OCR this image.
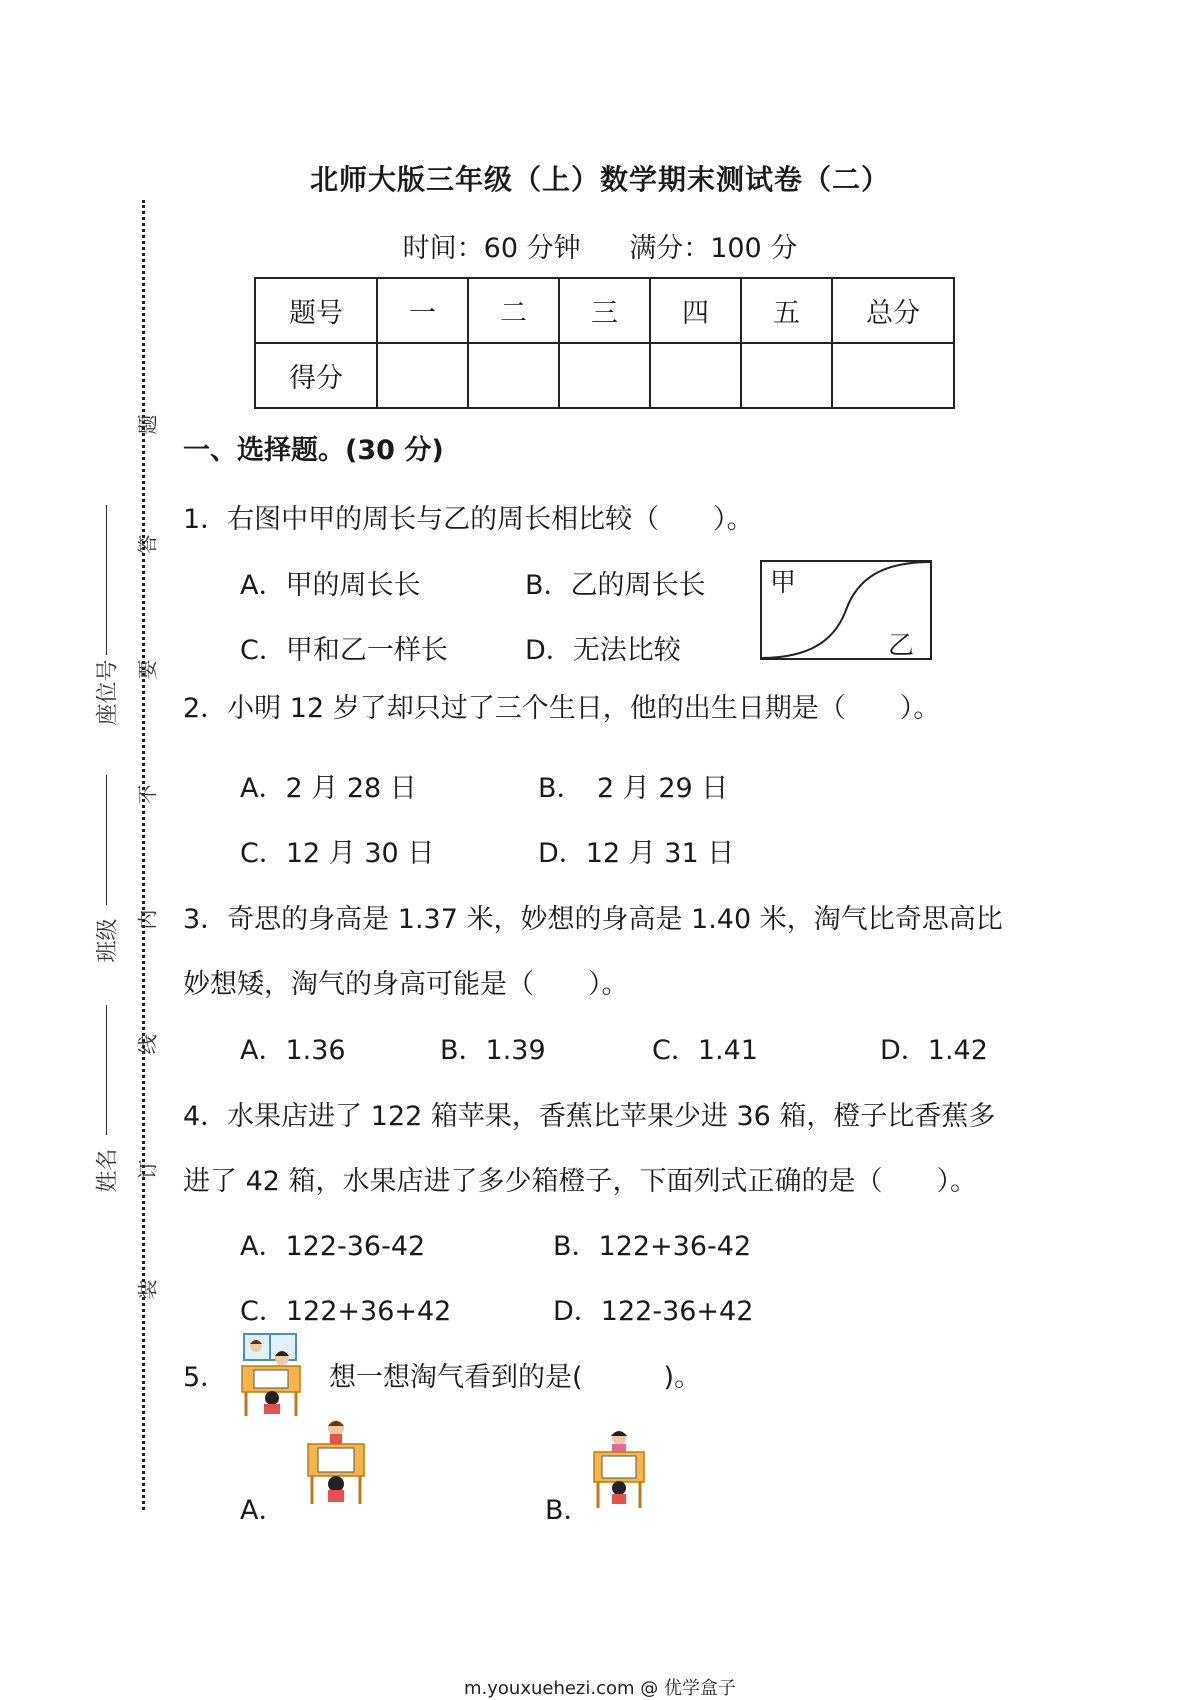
北师大版三年级（上）数学期末测试卷（二）
时间：60 分钟 满分：100 分
题号	一	二	三	四	五	总分
得分						
题
答
要
不
内
线
订
装
座位号
班级
姓名
一、选择题。(30 分)
1．右图中甲的周长与乙的周长相比较（　　）。
A．甲的周长长	B．乙的周长长
C．甲和乙一样长	D．无法比较
甲
乙
2．小明 12 岁了却只过了三个生日，他的出生日期是（　　）。
A．2 月 28 日	B．　2 月 29 日
C．12 月 30 日	D．12 月 31 日
3．奇思的身高是 1.37 米，妙想的身高是 1.40 米，淘气比奇思高比
妙想矮，淘气的身高可能是（　　）。
A．1.36	B．1.39	C．1.41	D．1.42
4．水果店进了 122 箱苹果，香蕉比苹果少进 36 箱，橙子比香蕉多
进了 42 箱，水果店进了多少箱橙子，下面列式正确的是（　　）。
A．122-36-42	B．122+36-42
C．122+36+42	D．122-36+42
5．	想一想淘气看到的是(　　　)。
A．	B．
m.youxuehezi.com @ 优学盒子
